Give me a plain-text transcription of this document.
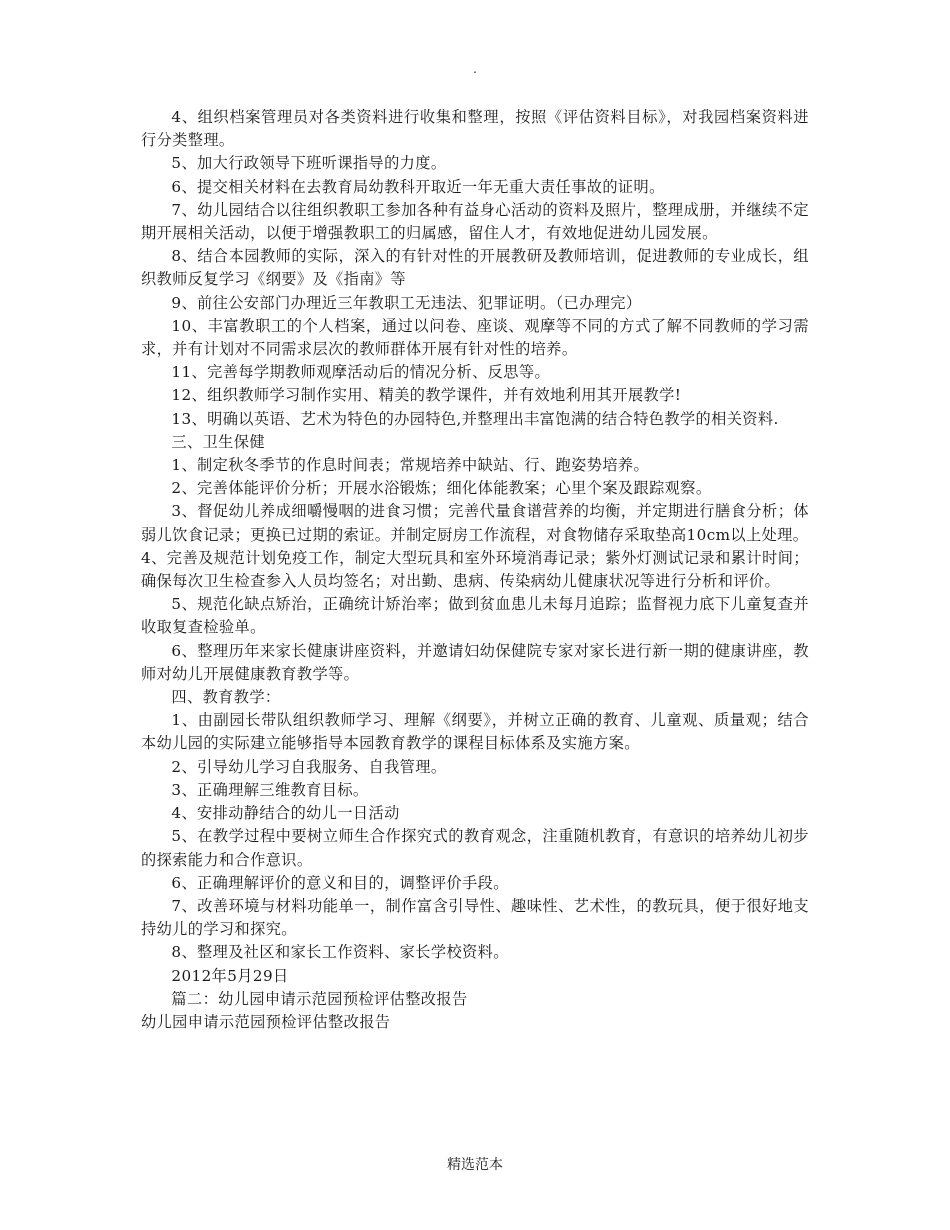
.

4、组织档案管理员对各类资料进行收集和整理，按照《评估资料目标》，对我园档案资料进行分类整理。

5、加大行政领导下班听课指导的力度。

6、提交相关材料在去教育局幼教科开取近一年无重大责任事故的证明。

7、幼儿园结合以往组织教职工参加各种有益身心活动的资料及照片，整理成册，并继续不定期开展相关活动，以便于增强教职工的归属感，留住人才，有效地促进幼儿园发展。

8、结合本园教师的实际，深入的有针对性的开展教研及教师培训，促进教师的专业成长，组织教师反复学习《纲要》及《指南》等

9、前往公安部门办理近三年教职工无违法、犯罪证明。（已办理完）

10、丰富教职工的个人档案，通过以问卷、座谈、观摩等不同的方式了解不同教师的学习需求，并有计划对不同需求层次的教师群体开展有针对性的培养。

11、完善每学期教师观摩活动后的情况分析、反思等。

12、组织教师学习制作实用、精美的教学课件，并有效地利用其开展教学!

13、明确以英语、艺术为特色的办园特色,并整理出丰富饱满的结合特色教学的相关资料.

三、卫生保健

1、制定秋冬季节的作息时间表；常规培养中缺站、行、跑姿势培养。

2、完善体能评价分析；开展水浴锻炼；细化体能教案；心里个案及跟踪观察。

3、督促幼儿养成细嚼慢咽的进食习惯；完善代量食谱营养的均衡，并定期进行膳食分析；体弱儿饮食记录；更换已过期的索证。并制定厨房工作流程，对食物储存采取垫高10cm以上处理。

4、完善及规范计划免疫工作，制定大型玩具和室外环境消毒记录；紫外灯测试记录和累计时间；确保每次卫生检查参入人员均签名；对出勤、患病、传染病幼儿健康状况等进行分析和评价。

5、规范化缺点矫治，正确统计矫治率；做到贫血患儿未每月追踪；监督视力底下儿童复查并收取复查检验单。

6、整理历年来家长健康讲座资料，并邀请妇幼保健院专家对家长进行新一期的健康讲座，教师对幼儿开展健康教育教学等。

四、教育教学：

1、由副园长带队组织教师学习、理解《纲要》，并树立正确的教育、儿童观、质量观；结合本幼儿园的实际建立能够指导本园教育教学的课程目标体系及实施方案。

2、引导幼儿学习自我服务、自我管理。

3、正确理解三维教育目标。

4、安排动静结合的幼儿一日活动

5、在教学过程中要树立师生合作探究式的教育观念，注重随机教育，有意识的培养幼儿初步的探索能力和合作意识。

6、正确理解评价的意义和目的，调整评价手段。

7、改善环境与材料功能单一，制作富含引导性、趣味性、艺术性，的教玩具，便于很好地支持幼儿的学习和探究。

8、整理及社区和家长工作资料、家长学校资料。

2012年5月29日

篇二：幼儿园申请示范园预检评估整改报告

幼儿园申请示范园预检评估整改报告

精选范本
